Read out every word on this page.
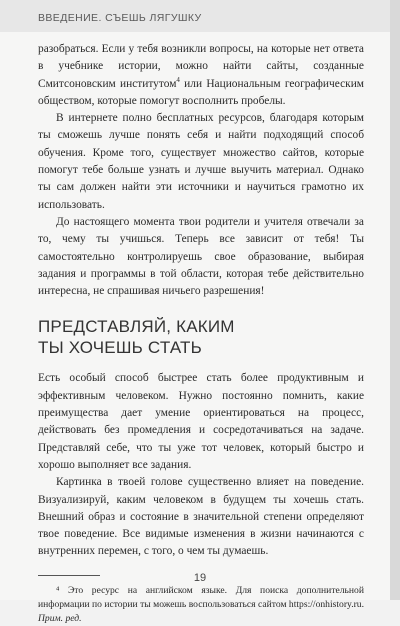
ВВЕДЕНИЕ. СЪЕШЬ ЛЯГУШКУ

разобраться. Если у тебя возникли вопросы, на которые нет ответа в учебнике истории, можно найти сайты, созданные Смитсоновским институтом$^4$ или Национальным географическим обществом, которые помогут восполнить пробелы.

В интернете полно бесплатных ресурсов, благодаря которым ты сможешь лучше понять себя и найти подходящий способ обучения. Кроме того, существует множество сайтов, которые помогут тебе больше узнать и лучше выучить материал. Однако ты сам должен найти эти источники и научиться грамотно их использовать.

До настоящего момента твои родители и учителя отвечали за то, чему ты учишься. Теперь все зависит от тебя! Ты самостоятельно контролируешь свое образование, выбирая задания и программы в той области, которая тебе действительно интересна, не спрашивая ничьего разрешения!

ПРЕДСТАВЛЯЙ, КАКИМ
ТЫ ХОЧЕШЬ СТАТЬ

Есть особый способ быстрее стать более продуктивным и эффективным человеком. Нужно постоянно помнить, какие преимущества дает умение ориентироваться на процесс, действовать без промедления и сосредотачиваться на задаче. Представляй себе, что ты уже тот человек, который быстро и хорошо выполняет все задания.

Картинка в твоей голове существенно влияет на поведение. Визуализируй, каким человеком в будущем ты хочешь стать. Внешний образ и состояние в значительной степени определяют твое поведение. Все видимые изменения в жизни начинаются с внутренних перемен, с того, о чем ты думаешь.

⁴ Это ресурс на английском языке. Для поиска дополнительной информации по истории ты можешь воспользоваться сайтом https://onhistory.ru. Прим. ред.

19
